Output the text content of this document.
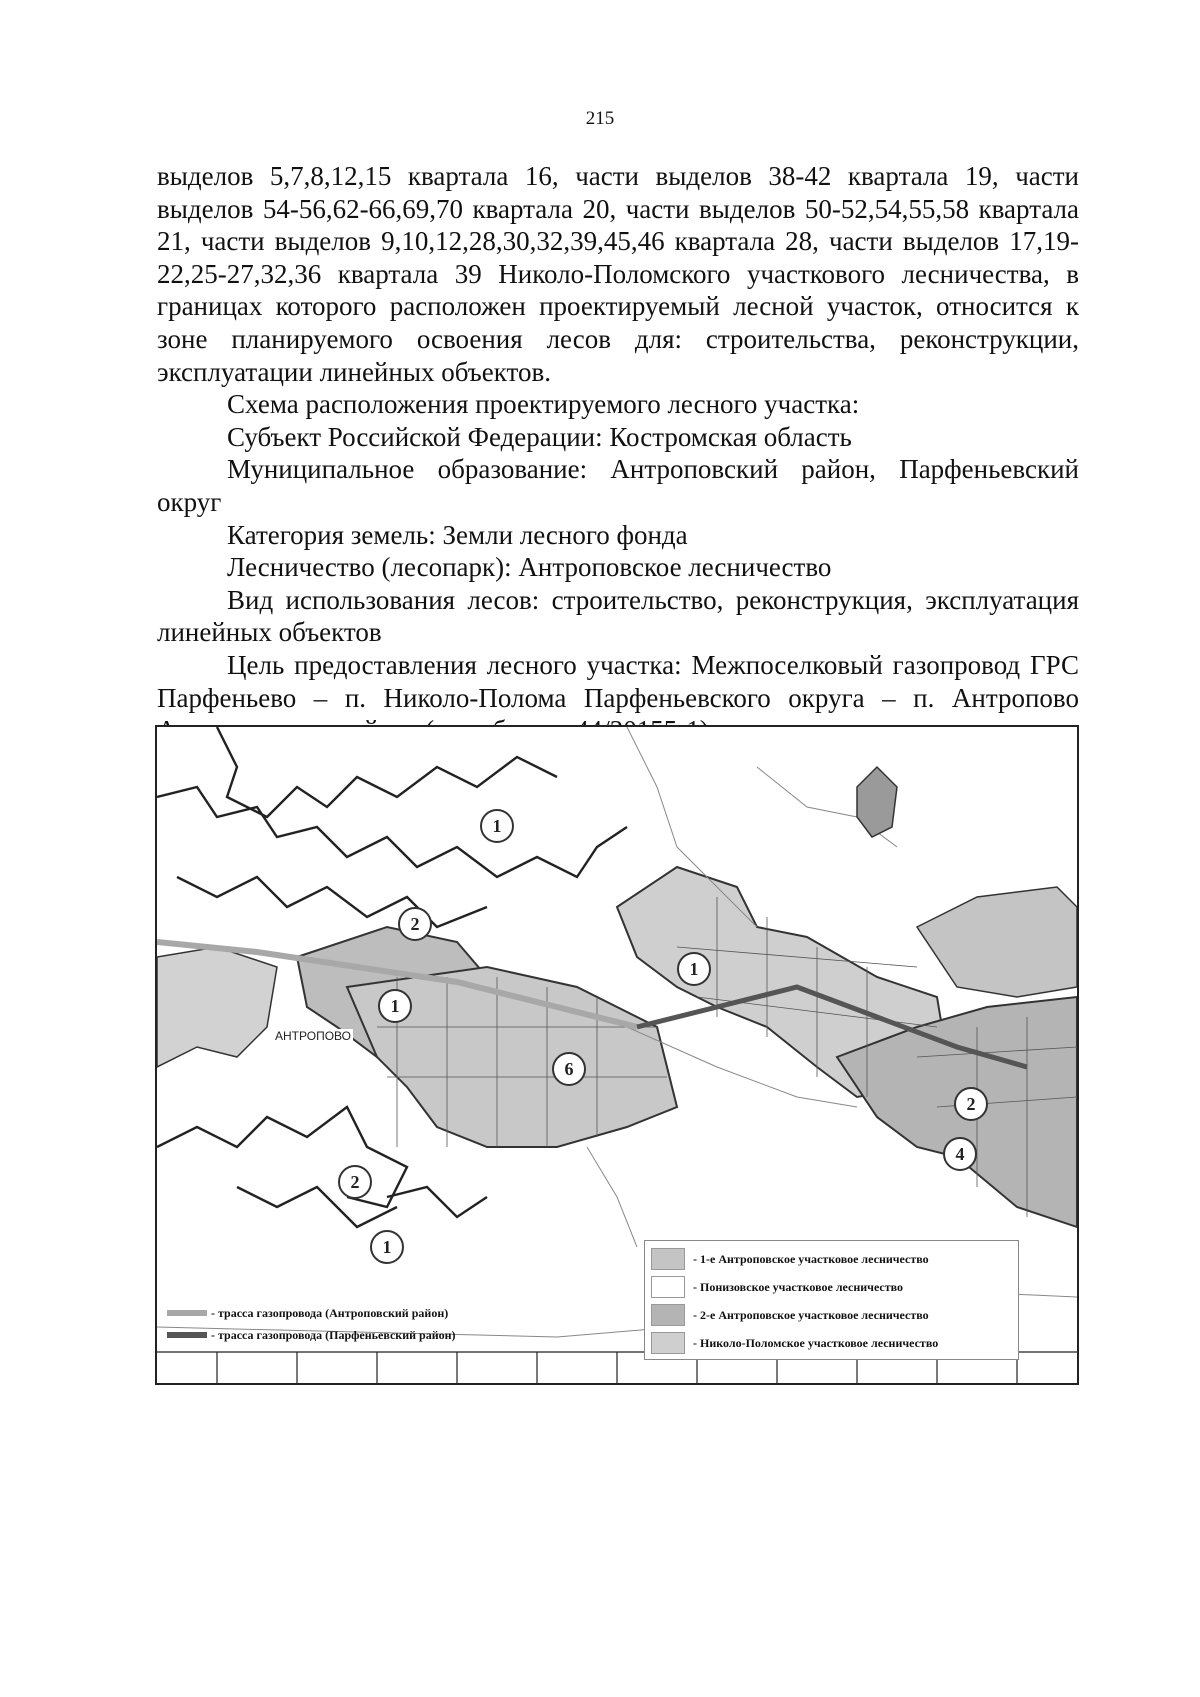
215

выделов 5,7,8,12,15 квартала 16, части выделов 38-42 квартала 19, части выделов 54-56,62-66,69,70 квартала 20, части выделов 50-52,54,55,58 квартала 21, части выделов 9,10,12,28,30,32,39,45,46 квартала 28, части выделов 17,19-22,25-27,32,36 квартала 39 Николо-Поломского участкового лесничества, в границах которого расположен проектируемый лесной участок, относится к зоне планируемого освоения лесов для: строительства, реконструкции, эксплуатации линейных объектов.

Схема расположения проектируемого лесного участка:

Субъект Российской Федерации: Костромская область

Муниципальное образование: Антроповский район, Парфеньевский округ

Категория земель: Земли лесного фонда

Лесничество (лесопарк): Антроповское лесничество

Вид использования лесов: строительство, реконструкция, эксплуатация линейных объектов

Цель предоставления лесного участка: Межпоселковый газопровод ГРС Парфеньево – п. Николо-Полома Парфеньевского округа – п. Антропово

АНТРОПОВО
1
2
1
6
1
2
4
2
1
- трасса газопровода (Антроповский район)
- трасса газопровода (Парфеньевский район)
- 1-е Антроповское участковое лесничество
- Понизовское участковое лесничество
- 2-е Антроповское участковое лесничество
- Николо-Поломское участковое лесничество
